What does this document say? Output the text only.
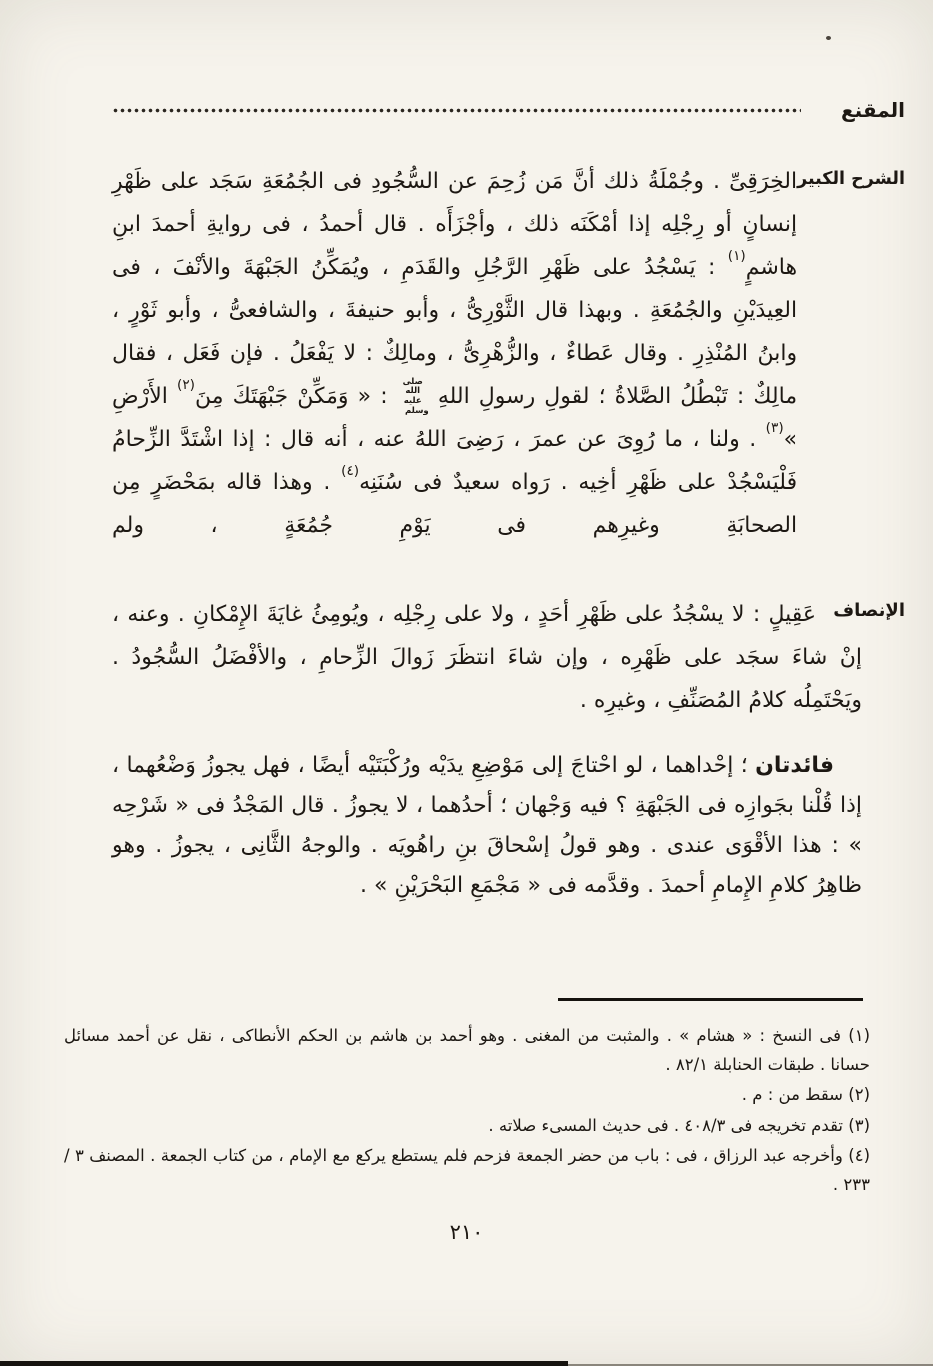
المقنع
الشرح الكبير

الخِرَقِىِّ . وجُمْلَةُ ذلك أنَّ مَن زُحِمَ عن السُّجُودِ فى الجُمُعَةِ سَجَد على ظَهْرِ إنسانٍ أو رِجْلِه إذا أمْكَنَه ذلك ، وأجْزَأَه . قال أحمدُ ، فى روايةِ أحمدَ ابنِ هاشمٍ$^{(١)}$ : يَسْجُدُ على ظَهْرِ الرَّجُلِ والقَدَمِ ، ويُمَكِّنُ الجَبْهَةَ والأنْفَ ، فى العِيدَيْنِ والجُمُعَةِ . وبهذا قال الثَّوْرِىُّ ، وأبو حنيفةَ ، والشافعىُّ ، وأبو ثَوْرٍ ، وابنُ المُنْذِرِ . وقال عَطاءٌ ، والزُّهْرِىُّ ، ومالِكٌ : لا يَفْعَلُ . فإن فَعَل ، فقال مالِكٌ : تَبْطُلُ الصَّلاةُ ؛ لقولِ رسولِ اللهِ صلى الله عليه وسلم : « وَمَكِّنْ جَبْهَتَكَ مِنَ$^{(٢)}$ الأَرْضِ »$^{(٣)}$ . ولنا ، ما رُوِىَ عن عمرَ ، رَضِىَ اللهُ عنه ، أنه قال : إذا اشْتَدَّ الزِّحامُ فَلْيَسْجُدْ على ظَهْرِ أخِيه . رَواه سعيدٌ فى سُنَنِه$^{(٤)}$ . وهذا قاله بمَحْضَرٍ مِن الصحابَةِ وغيرِهم فى يَوْمِ جُمُعَةٍ ، ولم

الإنصاف

عَقِيلٍ : لا يسْجُدُ على ظَهْرِ أحَدٍ ، ولا على رِجْلِه ، ويُومِئُ غايَةَ الإِمْكانِ . وعنه ، إنْ شاءَ سجَد على ظَهْرِه ، وإن شاءَ انتظَرَ زَوالَ الزِّحامِ ، والأفْضَلُ السُّجُودُ . ويَحْتَمِلُه كلامُ المُصَنِّفِ ، وغيرِه .

فائدتان ؛ إحْداهما ، لو احْتاجَ إلى مَوْضِعِ يدَيْه ورُكْبَتَيْه أيضًا ، فهل يجوزُ وَضْعُهما ، إذا قُلْنا بجَوازِه فى الجَبْهَةِ ؟ فيه وَجْهان ؛ أحدُهما ، لا يجوزُ . قال المَجْدُ فى « شَرْحِه » : هذا الأقْوَى عندى . وهو قولُ إسْحاقَ بنِ راهُويَه . والوجهُ الثَّانِى ، يجوزُ . وهو ظاهِرُ كلامِ الإِمامِ أحمدَ . وقدَّمه فى « مَجْمَعِ البَحْرَيْنِ » .

(١) فى النسخ : « هشام » . والمثبت من المغنى . وهو أحمد بن هاشم بن الحكم الأنطاكى ، نقل عن أحمد مسائل حسانا . طبقات الحنابلة ٨٢/١ .

(٢) سقط من : م .

(٣) تقدم تخريجه فى ٤٠٨/٣ . فى حديث المسىء صلاته .

(٤) وأخرجه عبد الرزاق ، فى : باب من حضر الجمعة فزحم فلم يستطع يركع مع الإمام ، من كتاب الجمعة . المصنف ٣ / ٢٣٣ .

٢١٠
